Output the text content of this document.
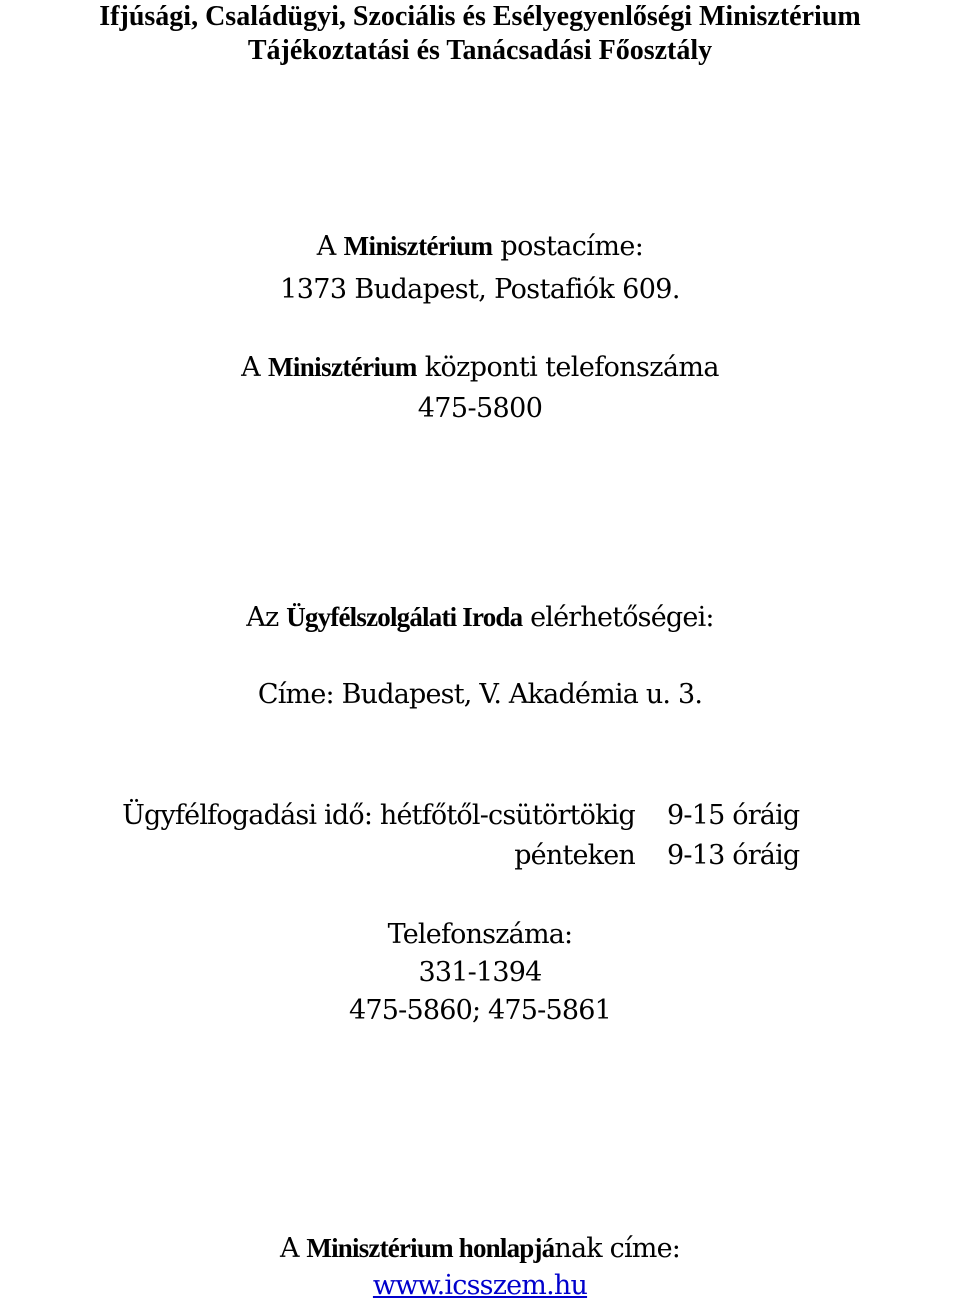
Ifjúsági, Családügyi, Szociális és Esélyegyenlőségi Minisztérium

Tájékoztatási és Tanácsadási Főosztály

A Minisztérium postacíme:

1373 Budapest, Postafiók 609.

A Minisztérium központi telefonszáma

475-5800

Az Ügyfélszolgálati Iroda elérhetőségei:

Címe: Budapest, V. Akadémia u. 3.

Ügyfélfogadási idő: hétfőtől-csütörtökig 9-15 óráig
pénteken 9-13 óráig

Telefonszáma:

331-1394

475-5860; 475-5861

A Minisztérium honlapjának címe:

www.icsszem.hu
